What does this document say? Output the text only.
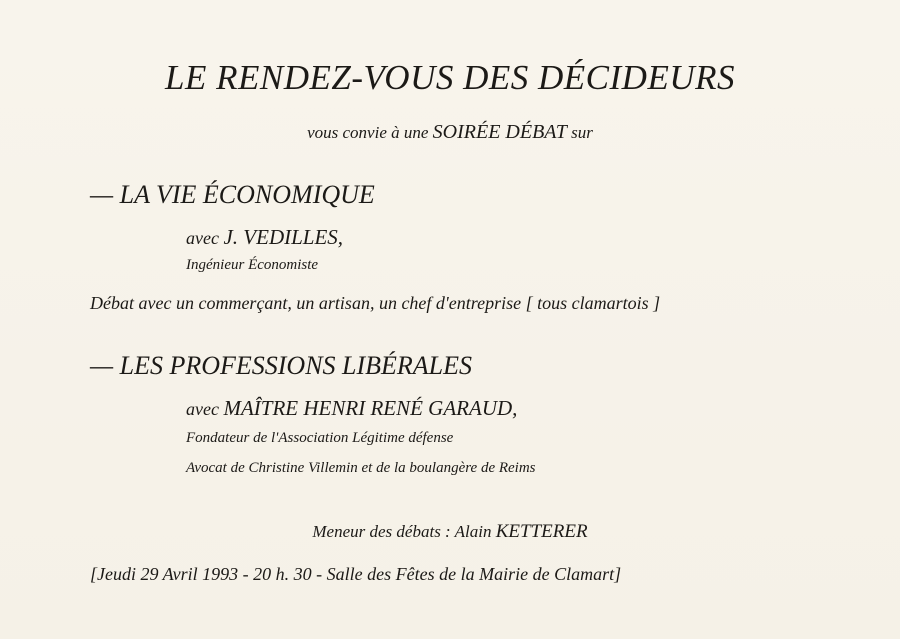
LE RENDEZ-VOUS DES DÉCIDEURS
vous convie à une SOIRÉE DÉBAT sur
— LA VIE ÉCONOMIQUE
avec J. VEDILLES,
Ingénieur Économiste
Débat avec un commerçant, un artisan, un chef d'entreprise [ tous clamartois ]
— LES PROFESSIONS LIBÉRALES
avec MAÎTRE HENRI RENÉ GARAUD,
Fondateur de l'Association Légitime défense
Avocat de Christine Villemin et de la boulangère de Reims
Meneur des débats : Alain KETTERER
[Jeudi 29 Avril 1993 - 20 h. 30 - Salle des Fêtes de la Mairie de Clamart]
